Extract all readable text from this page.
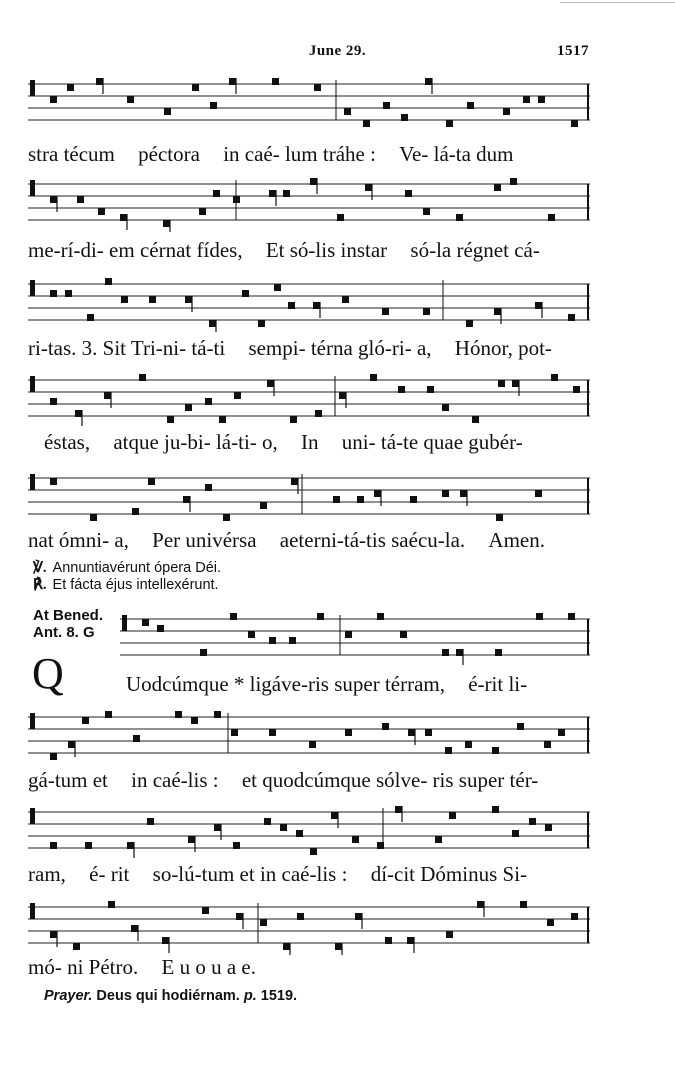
June 29.	1517
stra técum péctora in caé- lum tráhe : Ve- lá-ta dum
me-rí-di- em cérnat fídes, Et só-lis instar só-la régnet cá-
ri-tas. 3. Sit Tri-ni- tá-ti sempi- térna gló-ri- a, Hónor, pot-
éstas, atque ju-bi- lá-ti- o, In uni- tá-te quae gubér-
nat ómni- a, Per univérsa aeterni-tá-tis saécu-la. Amen.
℣. Annuntiavérunt ópera Déi.
℟. Et fácta éjus intellexérunt.
At Bened.
Ant. 8. G
Q	Uodcúmque * ligáve-ris super térram, é-rit li-
gá-tum et in caé-lis : et quodcúmque sólve- ris super tér-
ram, é- rit so-lú-tum et in caé-lis : dí-cit Dóminus Si-
mó- ni Pétro. E u o u a e.
Prayer. Deus qui hodiérnam. p. 1519.
